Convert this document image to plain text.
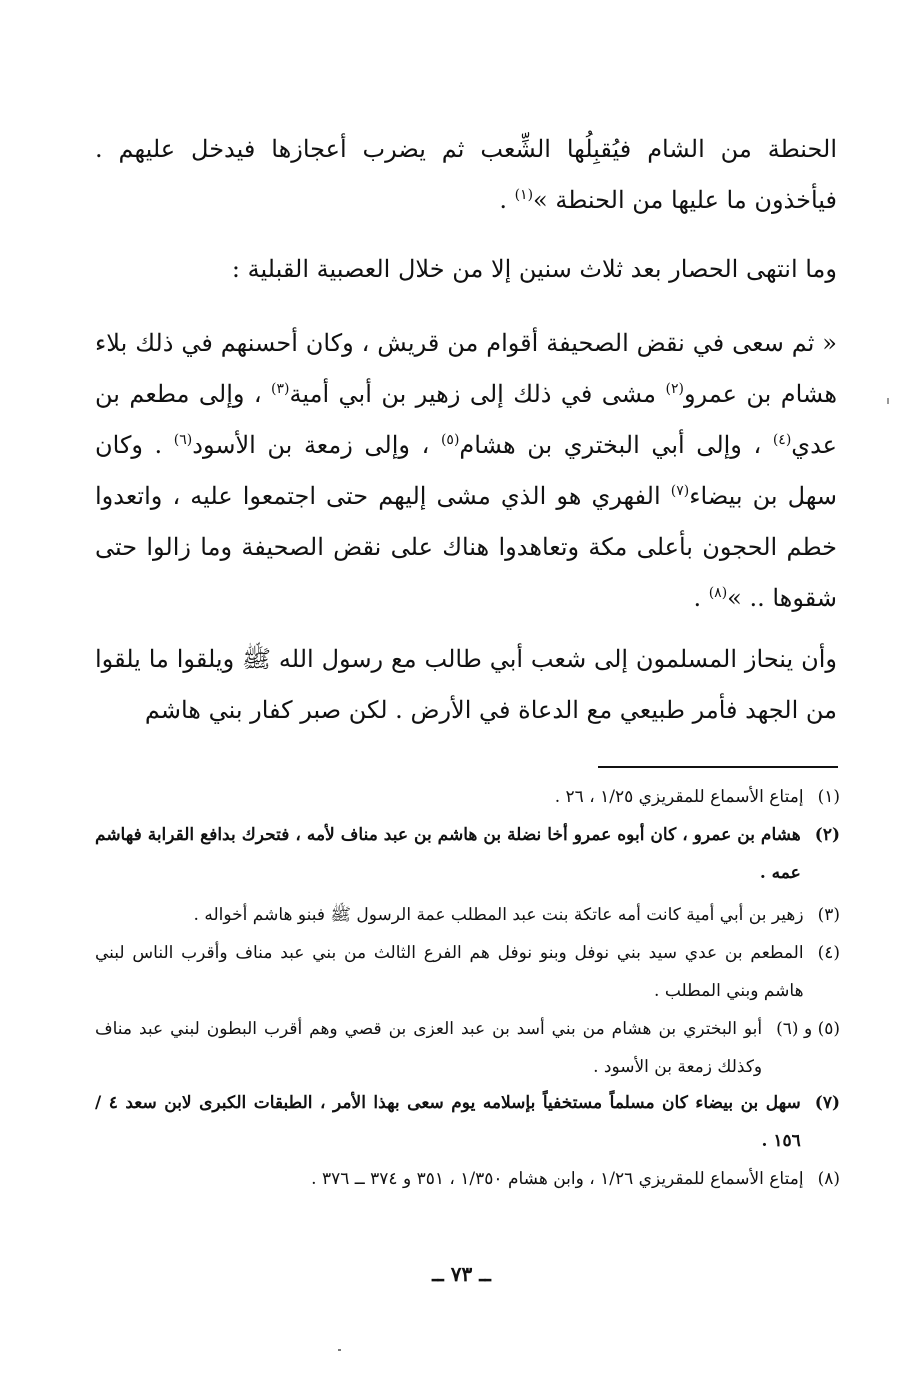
الحنطة من الشام فيُقبِلُها الشِّعب ثم يضرب أعجازها فيدخل عليهم . فيأخذون ما عليها من الحنطة »$^{(١)}$ .

وما انتهى الحصار بعد ثلاث سنين إلا من خلال العصبية القبلية :

« ثم سعى في نقض الصحيفة أقوام من قريش ، وكان أحسنهم في ذلك بلاء هشام بن عمرو$^{(٢)}$ مشى في ذلك إلى زهير بن أبي أمية$^{(٣)}$ ، وإلى مطعم بن عدي$^{(٤)}$ ، وإلى أبي البختري بن هشام$^{(٥)}$ ، وإلى زمعة بن الأسود$^{(٦)}$ . وكان سهل بن بيضاء$^{(٧)}$ الفهري هو الذي مشى إليهم حتى اجتمعوا عليه ، واتعدوا خطم الحجون بأعلى مكة وتعاهدوا هناك على نقض الصحيفة وما زالوا حتى شقوها .. »$^{(٨)}$ .

وأن ينحاز المسلمون إلى شعب أبي طالب مع رسول الله ﷺ ويلقوا ما يلقوا من الجهد فأمر طبيعي مع الدعاة في الأرض . لكن صبر كفار بني هاشم

(١)
إمتاع الأسماع للمقريزي ١/٢٥ ، ٢٦ .
(٢)
هشام بن عمرو ، كان أبوه عمرو أخا نضلة بن هاشم بن عبد مناف لأمه ، فتحرك بدافع القرابة فهاشم عمه .
(٣)
زهير بن أبي أمية كانت أمه عاتكة بنت عبد المطلب عمة الرسول ﷺ فبنو هاشم أخواله .
(٤)
المطعم بن عدي سيد بني نوفل وبنو نوفل هم الفرع الثالث من بني عبد مناف وأقرب الناس لبني هاشم وبني المطلب .
(٥) و (٦)
أبو البختري بن هشام من بني أسد بن عبد العزى بن قصي وهم أقرب البطون لبني عبد مناف وكذلك زمعة بن الأسود .
(٧)
سهل بن بيضاء كان مسلماً مستخفياً بإسلامه يوم سعى بهذا الأمر ، الطبقات الكبرى لابن سعد ٤ / ١٥٦ .
(٨)
إمتاع الأسماع للمقريزي ١/٢٦ ، وابن هشام ١/٣٥٠ ، ٣٥١ و ٣٧٤ ــ ٣٧٦ .
ــ ٧٣ ــ
